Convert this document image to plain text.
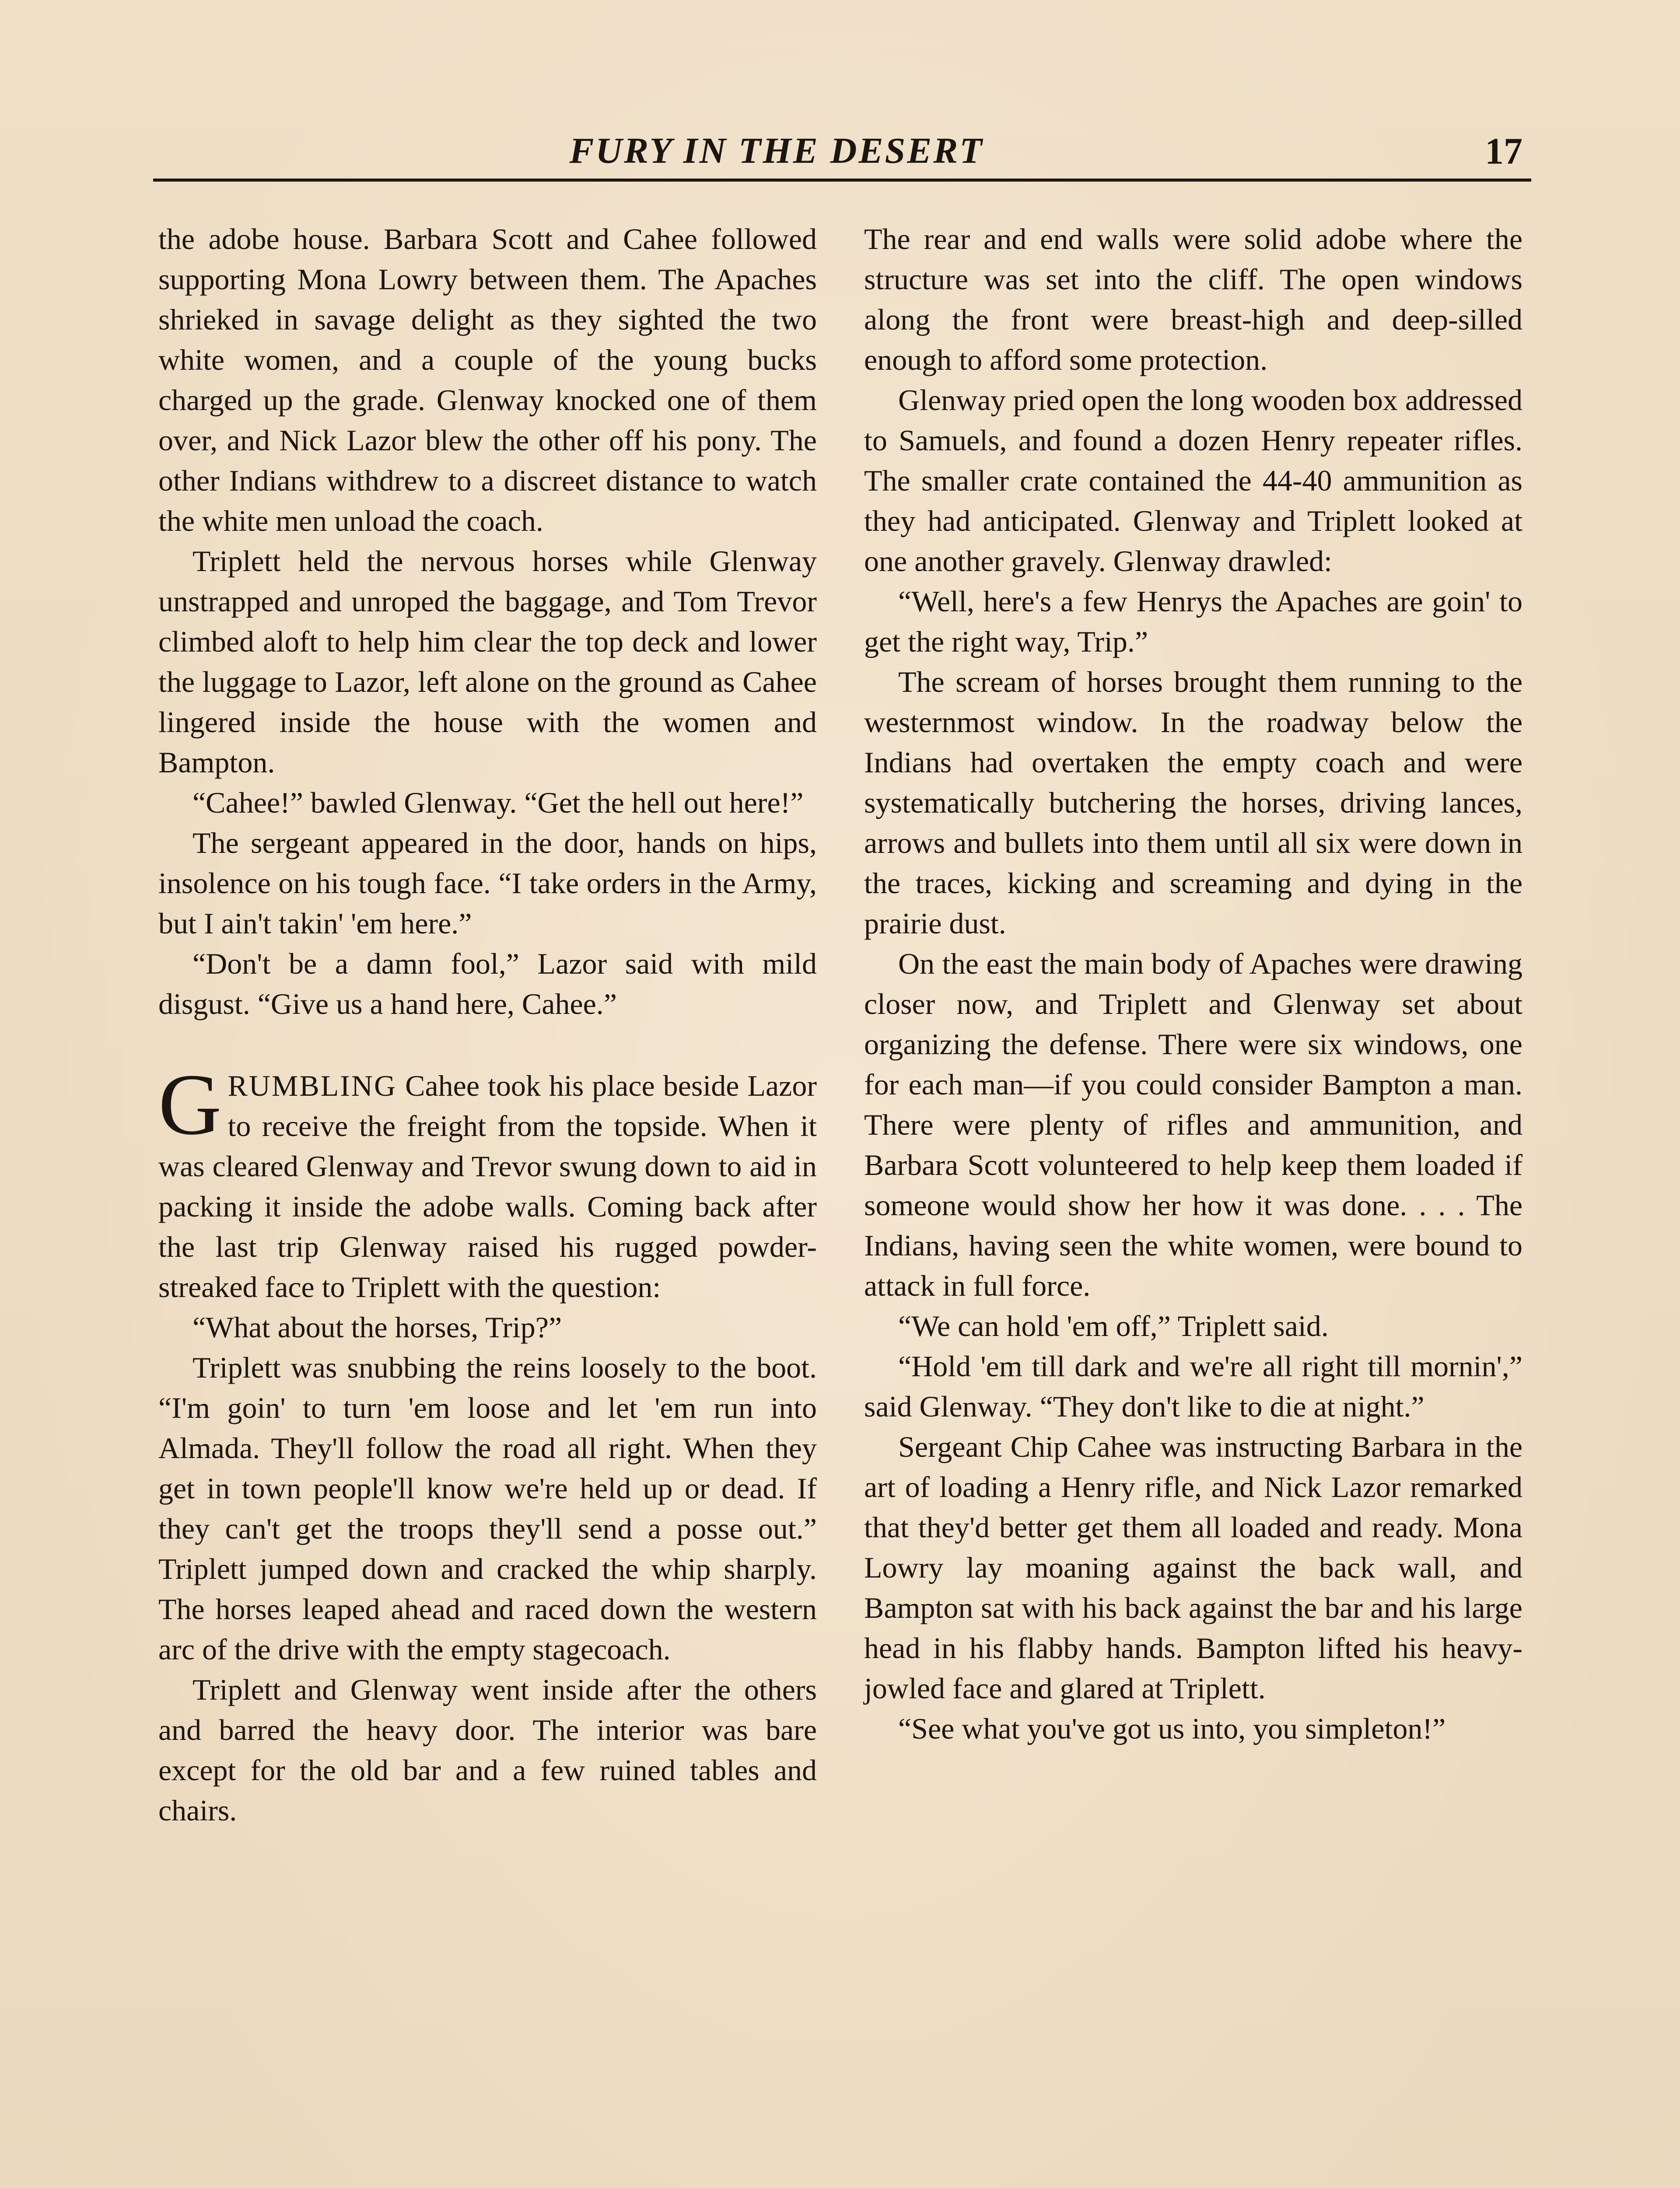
FURY IN THE DESERT	17

the adobe house. Barbara Scott and Cahee followed supporting Mona Lowry between them. The Apaches shrieked in savage delight as they sighted the two white women, and a couple of the young bucks charged up the grade. Glenway knocked one of them over, and Nick Lazor blew the other off his pony. The other Indians withdrew to a discreet distance to watch the white men unload the coach.

Triplett held the nervous horses while Glenway unstrapped and unroped the baggage, and Tom Trevor climbed aloft to help him clear the top deck and lower the luggage to Lazor, left alone on the ground as Cahee lingered inside the house with the women and Bampton.

“Cahee!” bawled Glenway. “Get the hell out here!”

The sergeant appeared in the door, hands on hips, insolence on his tough face. “I take orders in the Army, but I ain't takin' 'em here.”

“Don't be a damn fool,” Lazor said with mild disgust. “Give us a hand here, Cahee.”

GRUMBLING Cahee took his place beside Lazor to receive the freight from the topside. When it was cleared Glenway and Trevor swung down to aid in packing it inside the adobe walls. Coming back after the last trip Glenway raised his rugged powder-streaked face to Triplett with the question:

“What about the horses, Trip?”

Triplett was snubbing the reins loosely to the boot. “I'm goin' to turn 'em loose and let 'em run into Almada. They'll follow the road all right. When they get in town people'll know we're held up or dead. If they can't get the troops they'll send a posse out.” Triplett jumped down and cracked the whip sharply. The horses leaped ahead and raced down the western arc of the drive with the empty stagecoach.

Triplett and Glenway went inside after the others and barred the heavy door. The interior was bare except for the old bar and a few ruined tables and chairs.

The rear and end walls were solid adobe where the structure was set into the cliff. The open windows along the front were breast-high and deep-silled enough to afford some protection.

Glenway pried open the long wooden box addressed to Samuels, and found a dozen Henry repeater rifles. The smaller crate contained the 44-40 ammunition as they had anticipated. Glenway and Triplett looked at one another gravely. Glenway drawled:

“Well, here's a few Henrys the Apaches are goin' to get the right way, Trip.”

The scream of horses brought them running to the westernmost window. In the roadway below the Indians had overtaken the empty coach and were systematically butchering the horses, driving lances, arrows and bullets into them until all six were down in the traces, kicking and screaming and dying in the prairie dust.

On the east the main body of Apaches were drawing closer now, and Triplett and Glenway set about organizing the defense. There were six windows, one for each man—if you could consider Bampton a man. There were plenty of rifles and ammunition, and Barbara Scott volunteered to help keep them loaded if someone would show her how it was done. . . . The Indians, having seen the white women, were bound to attack in full force.

“We can hold 'em off,” Triplett said.

“Hold 'em till dark and we're all right till mornin',” said Glenway. “They don't like to die at night.”

Sergeant Chip Cahee was instructing Barbara in the art of loading a Henry rifle, and Nick Lazor remarked that they'd better get them all loaded and ready. Mona Lowry lay moaning against the back wall, and Bampton sat with his back against the bar and his large head in his flabby hands. Bampton lifted his heavy-jowled face and glared at Triplett.

“See what you've got us into, you simpleton!”
